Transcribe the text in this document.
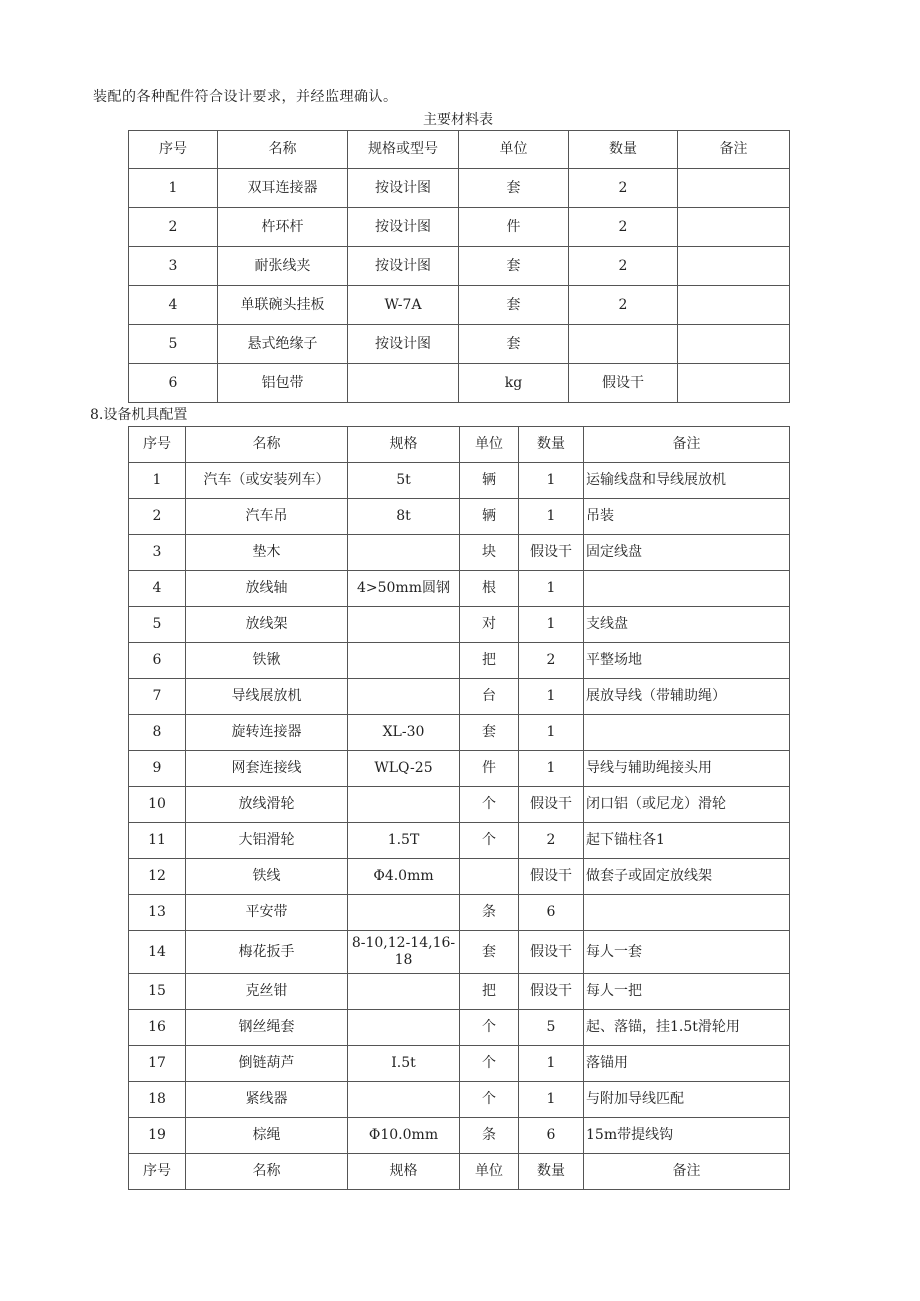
装配的各种配件符合设计要求，并经监理确认。
主要材料表
序号	名称	规格或型号	单位	数量	备注
1	双耳连接器	按设计图	套	2	
2	杵环杆	按设计图	件	2	
3	耐张线夹	按设计图	套	2	
4	单联碗头挂板	W-7A	套	2	
5	悬式绝缘子	按设计图	套		
6	铝包带		kg	假设干	
8.设备机具配置
序号	名称	规格	单位	数量	备注
1	汽车（或安装列车）	5t	辆	1	运输线盘和导线展放机
2	汽车吊	8t	辆	1	吊装
3	垫木		块	假设干	固定线盘
4	放线轴	4>50mm圆钢	根	1	
5	放线架		对	1	支线盘
6	铁锹		把	2	平整场地
7	导线展放机		台	1	展放导线（带辅助绳）
8	旋转连接器	XL-30	套	1	
9	网套连接线	WLQ-25	件	1	导线与辅助绳接头用
10	放线滑轮		个	假设干	闭口铝（或尼龙）滑轮
11	大铝滑轮	1.5T	个	2	起下锚柱各1
12	铁线	Φ4.0mm		假设干	做套子或固定放线架
13	平安带		条	6	
14	梅花扳手	8-10,12-14,16-18	套	假设干	每人一套
15	克丝钳		把	假设干	每人一把
16	钢丝绳套		个	5	起、落锚，挂1.5t滑轮用
17	倒链葫芦	I.5t	个	1	落锚用
18	紧线器		个	1	与附加导线匹配
19	棕绳	Φ10.0mm	条	6	15m带提线钩
序号	名称	规格	单位	数量	备注
